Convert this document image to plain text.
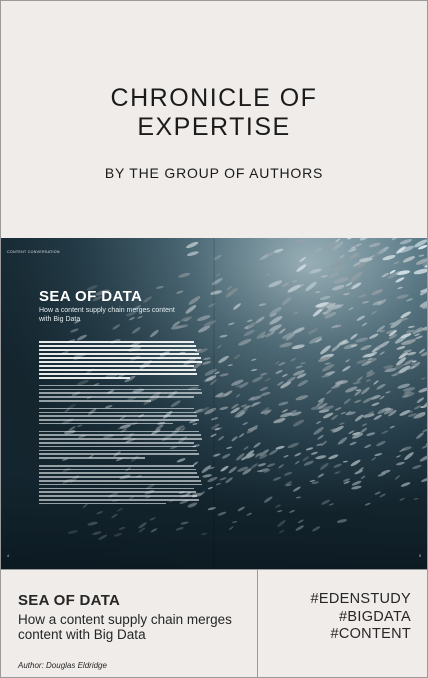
CHRONICLE OF
EXPERTISE
BY THE GROUP OF AUTHORS
CONTENT CONVERSATION
SEA OF DATA
How a content supply chain merges content with Big Data
4	5
SEA OF DATA
How a content supply chain merges content with Big Data
Author: Douglas Eldridge
#EDENSTUDY
#BIGDATA
#CONTENT
